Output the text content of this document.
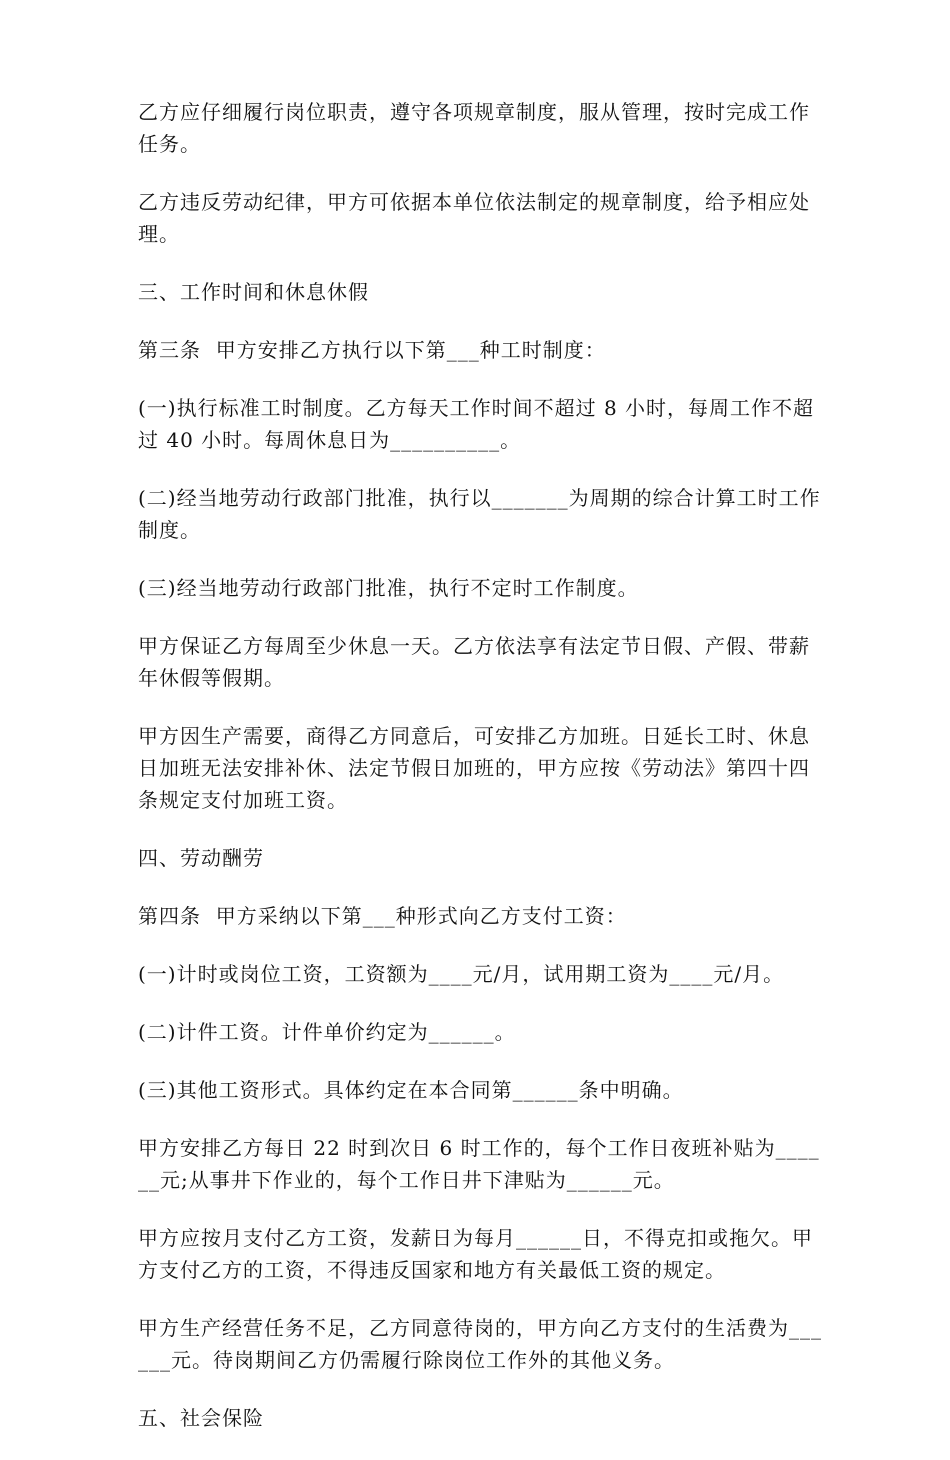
乙方应仔细履行岗位职责，遵守各项规章制度，服从管理，按时完成工作任务。

乙方违反劳动纪律，甲方可依据本单位依法制定的规章制度，给予相应处理。

三、工作时间和休息休假

第三条  甲方安排乙方执行以下第___种工时制度：

(一)执行标准工时制度。乙方每天工作时间不超过 8 小时，每周工作不超过 40 小时。每周休息日为__________。

(二)经当地劳动行政部门批准，执行以_______为周期的综合计算工时工作制度。

(三)经当地劳动行政部门批准，执行不定时工作制度。

甲方保证乙方每周至少休息一天。乙方依法享有法定节日假、产假、带薪年休假等假期。

甲方因生产需要，商得乙方同意后，可安排乙方加班。日延长工时、休息日加班无法安排补休、法定节假日加班的，甲方应按《劳动法》第四十四条规定支付加班工资。

四、劳动酬劳

第四条  甲方采纳以下第___种形式向乙方支付工资：

(一)计时或岗位工资，工资额为____元/月，试用期工资为____元/月。

(二)计件工资。计件单价约定为______。

(三)其他工资形式。具体约定在本合同第______条中明确。

甲方安排乙方每日 22 时到次日 6 时工作的，每个工作日夜班补贴为______元;从事井下作业的，每个工作日井下津贴为______元。

甲方应按月支付乙方工资，发薪日为每月______日，不得克扣或拖欠。甲方支付乙方的工资，不得违反国家和地方有关最低工资的规定。

甲方生产经营任务不足，乙方同意待岗的，甲方向乙方支付的生活费为______元。待岗期间乙方仍需履行除岗位工作外的其他义务。

五、社会保险
